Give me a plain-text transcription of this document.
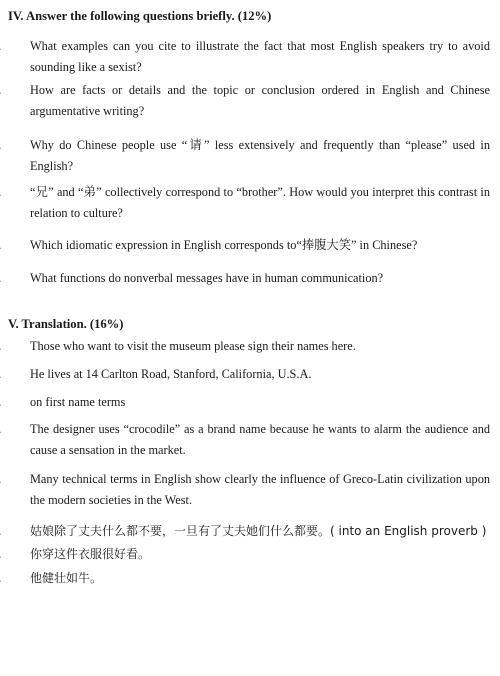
IV. Answer the following questions briefly. (12%)
What examples can you cite to illustrate the fact that most English speakers try to avoid sounding like a sexist?
How are facts or details and the topic or conclusion ordered in English and Chinese argumentative writing?
Why do Chinese people use “请” less extensively and frequently than “please” used in English?
“兄” and “弟” collectively correspond to “brother”. How would you interpret this contrast in relation to culture?
Which idiomatic expression in English corresponds to“捧腹大笑” in Chinese?
What functions do nonverbal messages have in human communication?
V. Translation. (16%)
Those who want to visit the museum please sign their names here.
He lives at 14 Carlton Road, Stanford, California, U.S.A.
on first name terms
The designer uses “crocodile” as a brand name because he wants to alarm the audience and cause a sensation in the market.
Many technical terms in English show clearly the influence of Greco-Latin civilization upon the modern societies in the West.
姑娘除了丈夫什么都不要，一旦有了丈夫她们什么都要。( into an English proverb )
你穿这件衣服很好看。
他健壮如牛。
